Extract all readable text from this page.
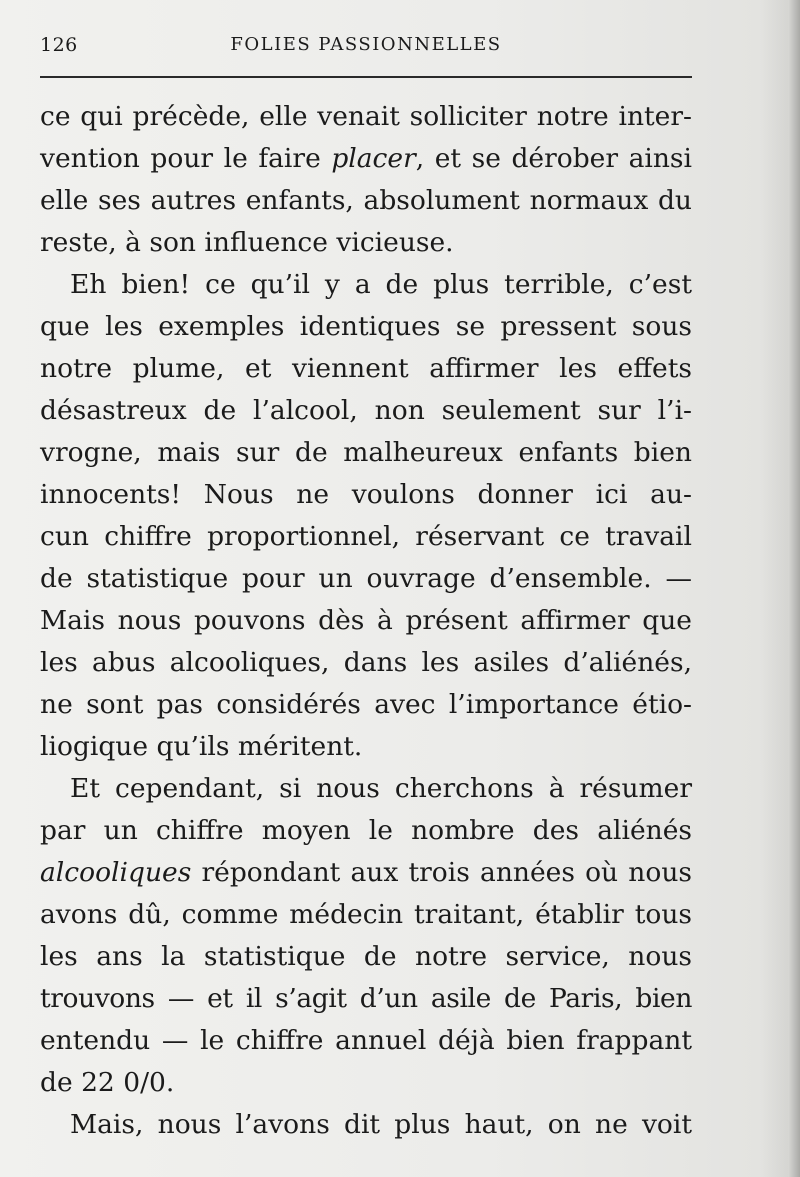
126	FOLIES PASSIONNELLES
ce qui précède, elle venait solliciter notre inter-
vention pour le faire placer, et se dérober ainsi
elle ses autres enfants, absolument normaux du
reste, à son influence vicieuse.
Eh bien! ce qu’il y a de plus terrible, c’est
que les exemples identiques se pressent sous
notre plume, et viennent affirmer les effets
désastreux de l’alcool, non seulement sur l’i-
vrogne, mais sur de malheureux enfants bien
innocents! Nous ne voulons donner ici au-
cun chiffre proportionnel, réservant ce travail
de statistique pour un ouvrage d’ensemble. —
Mais nous pouvons dès à présent affirmer que
les abus alcooliques, dans les asiles d’aliénés,
ne sont pas considérés avec l’importance étio-
liogique qu’ils méritent.
Et cependant, si nous cherchons à résumer
par un chiffre moyen le nombre des aliénés
alcooliques répondant aux trois années où nous
avons dû, comme médecin traitant, établir tous
les ans la statistique de notre service, nous
trouvons — et il s’agit d’un asile de Paris, bien
entendu — le chiffre annuel déjà bien frappant
de 22 0/0.
Mais, nous l’avons dit plus haut, on ne voit
